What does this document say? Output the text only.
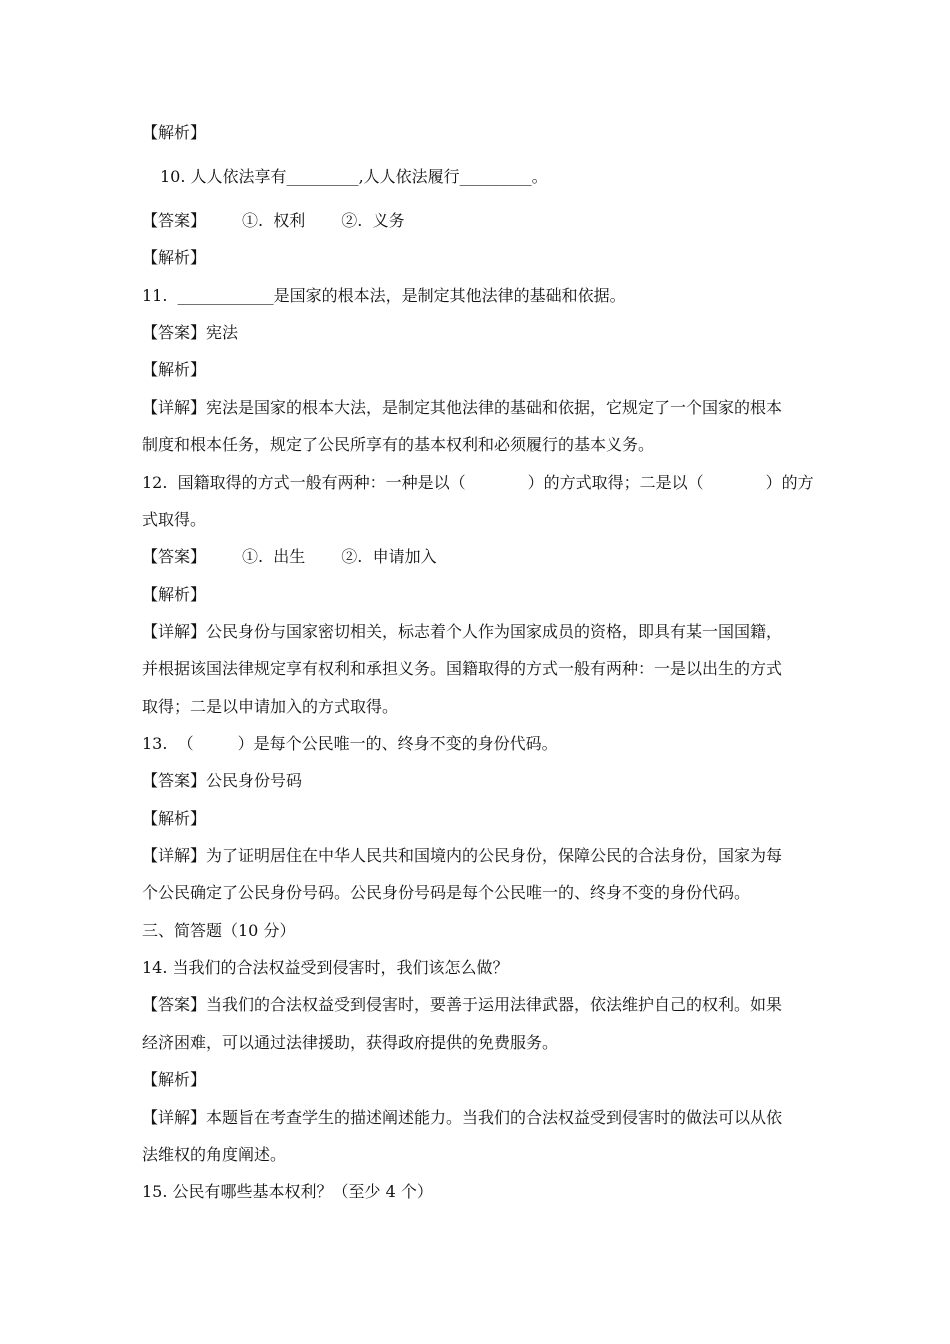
【解析】
10. 人人依法享有_________,人人依法履行_________。
【答案】 ①. 权利 ②. 义务
【解析】
11. ____________是国家的根本法，是制定其他法律的基础和依据。
【答案】宪法
【解析】
【详解】宪法是国家的根本大法，是制定其他法律的基础和依据，它规定了一个国家的根本
制度和根本任务，规定了公民所享有的基本权利和必须履行的基本义务。
12. 国籍取得的方式一般有两种：一种是以（	）的方式取得；二是以（	）的方
式取得。
【答案】 ①. 出生 ②. 申请加入
【解析】
【详解】公民身份与国家密切相关，标志着个人作为国家成员的资格，即具有某一国国籍，
并根据该国法律规定享有权利和承担义务。国籍取得的方式一般有两种：一是以出生的方式
取得；二是以申请加入的方式取得。
13. （	）是每个公民唯一的、终身不变的身份代码。
【答案】公民身份号码
【解析】
【详解】为了证明居住在中华人民共和国境内的公民身份，保障公民的合法身份，国家为每
个公民确定了公民身份号码。公民身份号码是每个公民唯一的、终身不变的身份代码。
三、简答题（10 分）
14. 当我们的合法权益受到侵害时，我们该怎么做？
【答案】当我们的合法权益受到侵害时，要善于运用法律武器，依法维护自己的权利。如果
经济困难，可以通过法律援助，获得政府提供的免费服务。
【解析】
【详解】本题旨在考查学生的描述阐述能力。当我们的合法权益受到侵害时的做法可以从依
法维权的角度阐述。
15. 公民有哪些基本权利？（至少 4 个）
